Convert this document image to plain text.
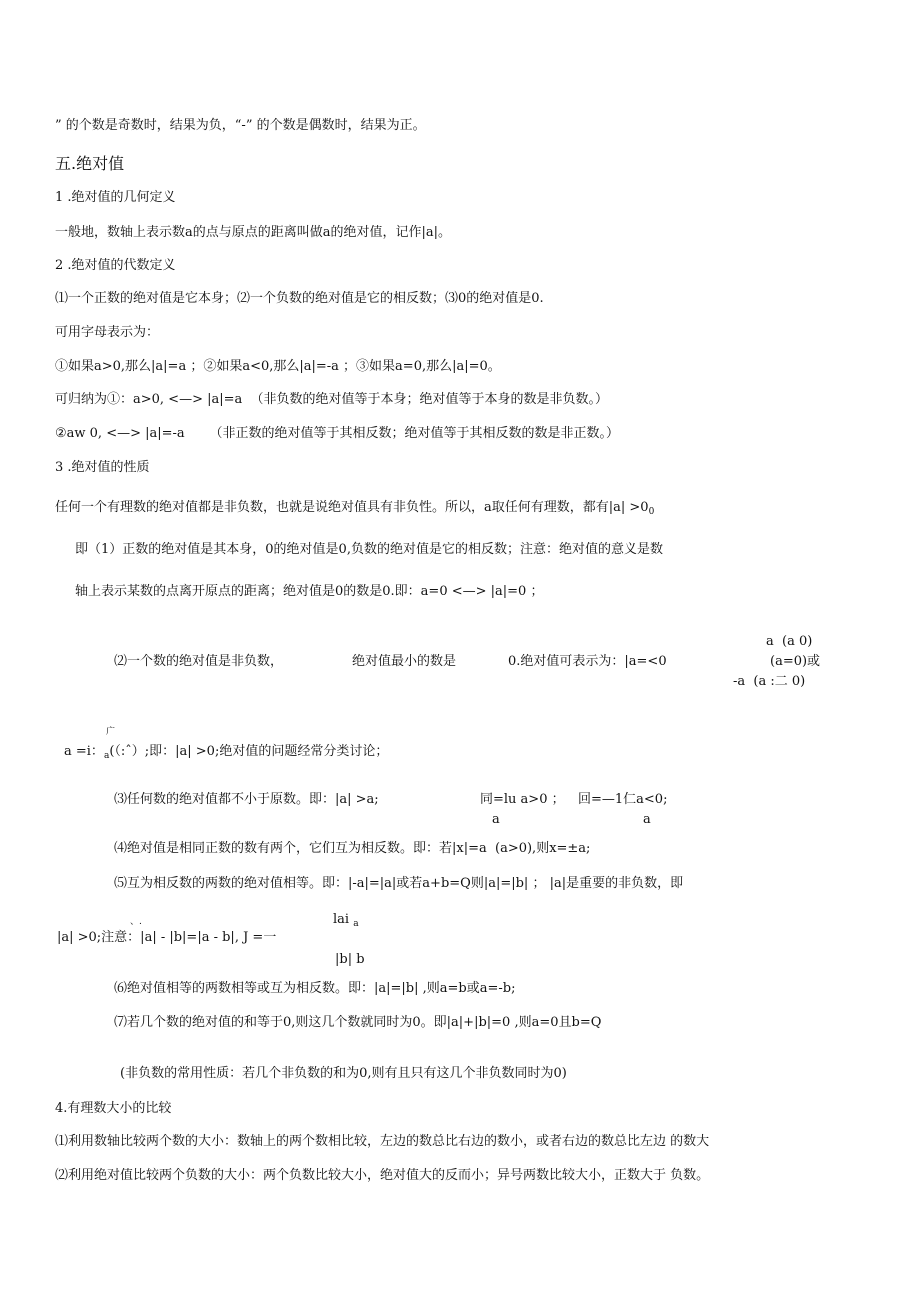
” 的个数是奇数时，结果为负，“-” 的个数是偶数时，结果为正。
五.绝对值
1 .绝对值的几何定义
一般地，数轴上表示数a的点与原点的距离叫做a的绝对值，记作|a|。
2 .绝对值的代数定义
⑴一个正数的绝对值是它本身；⑵一个负数的绝对值是它的相反数；⑶0的绝对值是0.
可用字母表示为：
①如果a>0,那么|a|=a ；②如果a<0,那么|a|=-a ；③如果a=0,那么|a|=0。
可归纳为①：a>0, <—> |a|=a  （非负数的绝对值等于本身；绝对值等于本身的数是非负数。）
②aw 0, <—> |a|=-a      （非正数的绝对值等于其相反数；绝对值等于其相反数的数是非正数。）
3 .绝对值的性质
任何一个有理数的绝对值都是非负数，也就是说绝对值具有非负性。所以，a取任何有理数，都有$|a| >0_0$
即（1）正数的绝对值是其本身，0的绝对值是0,负数的绝对值是它的相反数；注意：绝对值的意义是数
轴上表示某数的点离开原点的距离；绝对值是0的数是0.即：a=0 <—> |a|=0 ；
a  (a 0)
⑵一个数的绝对值是非负数，	绝对值最小的数是	0.绝对值可表示为：|a=<0	(a=0)或
-a  (a :二 0)
广
a =i：$_a$(（:ˆ）;即：|a| >0;绝对值的问题经常分类讨论；
⑶任何数的绝对值都不小于原数。即：|a| >a;	同=lu a>0 ； 回=—1仁a<0;
a	a
⑷绝对值是相同正数的数有两个，它们互为相反数。即：若|x|=a  (a>0),则x=±a;
⑸互为相反数的两数的绝对值相等。即：|-a|=|a|或若a+b=Q则|a|=|b| ； |a|是重要的非负数，即
、.	lai $_a$
|a| >0;注意：|a| - |b|=|a - b|, J =一
|b| b
⑹绝对值相等的两数相等或互为相反数。即：|a|=|b| ,则a=b或a=-b;
⑺若几个数的绝对值的和等于0,则这几个数就同时为0。即|a|+|b|=0 ,则a=0且b=Q
(非负数的常用性质：若几个非负数的和为0,则有且只有这几个非负数同时为0)
4.有理数大小的比较
⑴利用数轴比较两个数的大小：数轴上的两个数相比较，左边的数总比右边的数小，或者右边的数总比左边 的数大
⑵利用绝对值比较两个负数的大小：两个负数比较大小，绝对值大的反而小；异号两数比较大小，正数大于 负数。
